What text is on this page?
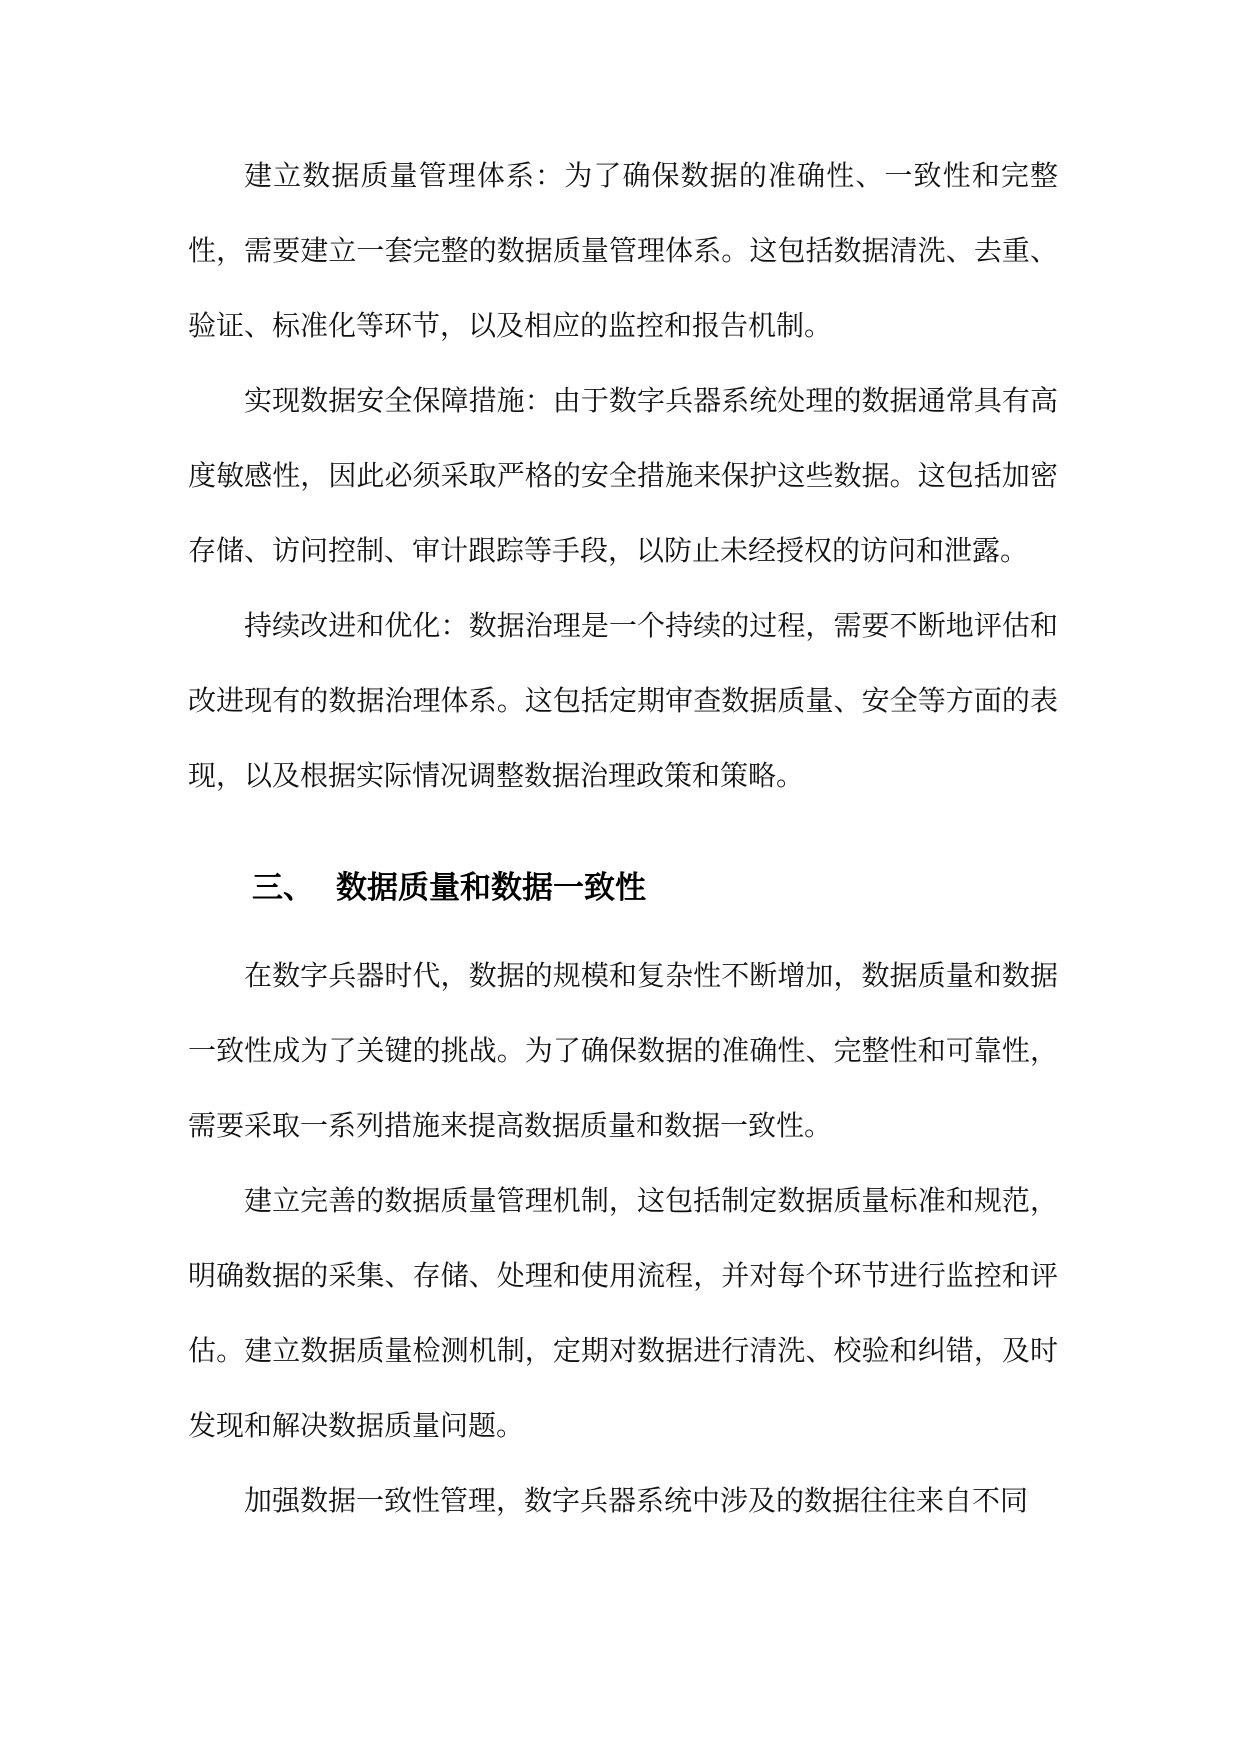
建立数据质量管理体系：为了确保数据的准确性、一致性和完整性，需要建立一套完整的数据质量管理体系。这包括数据清洗、去重、验证、标准化等环节，以及相应的监控和报告机制。

实现数据安全保障措施：由于数字兵器系统处理的数据通常具有高度敏感性，因此必须采取严格的安全措施来保护这些数据。这包括加密存储、访问控制、审计跟踪等手段，以防止未经授权的访问和泄露。

持续改进和优化：数据治理是一个持续的过程，需要不断地评估和改进现有的数据治理体系。这包括定期审查数据质量、安全等方面的表现，以及根据实际情况调整数据治理政策和策略。

三、 数据质量和数据一致性

在数字兵器时代，数据的规模和复杂性不断增加，数据质量和数据一致性成为了关键的挑战。为了确保数据的准确性、完整性和可靠性，需要采取一系列措施来提高数据质量和数据一致性。

建立完善的数据质量管理机制，这包括制定数据质量标准和规范，明确数据的采集、存储、处理和使用流程，并对每个环节进行监控和评估。建立数据质量检测机制，定期对数据进行清洗、校验和纠错，及时发现和解决数据质量问题。

加强数据一致性管理，数字兵器系统中涉及的数据往往来自不同
